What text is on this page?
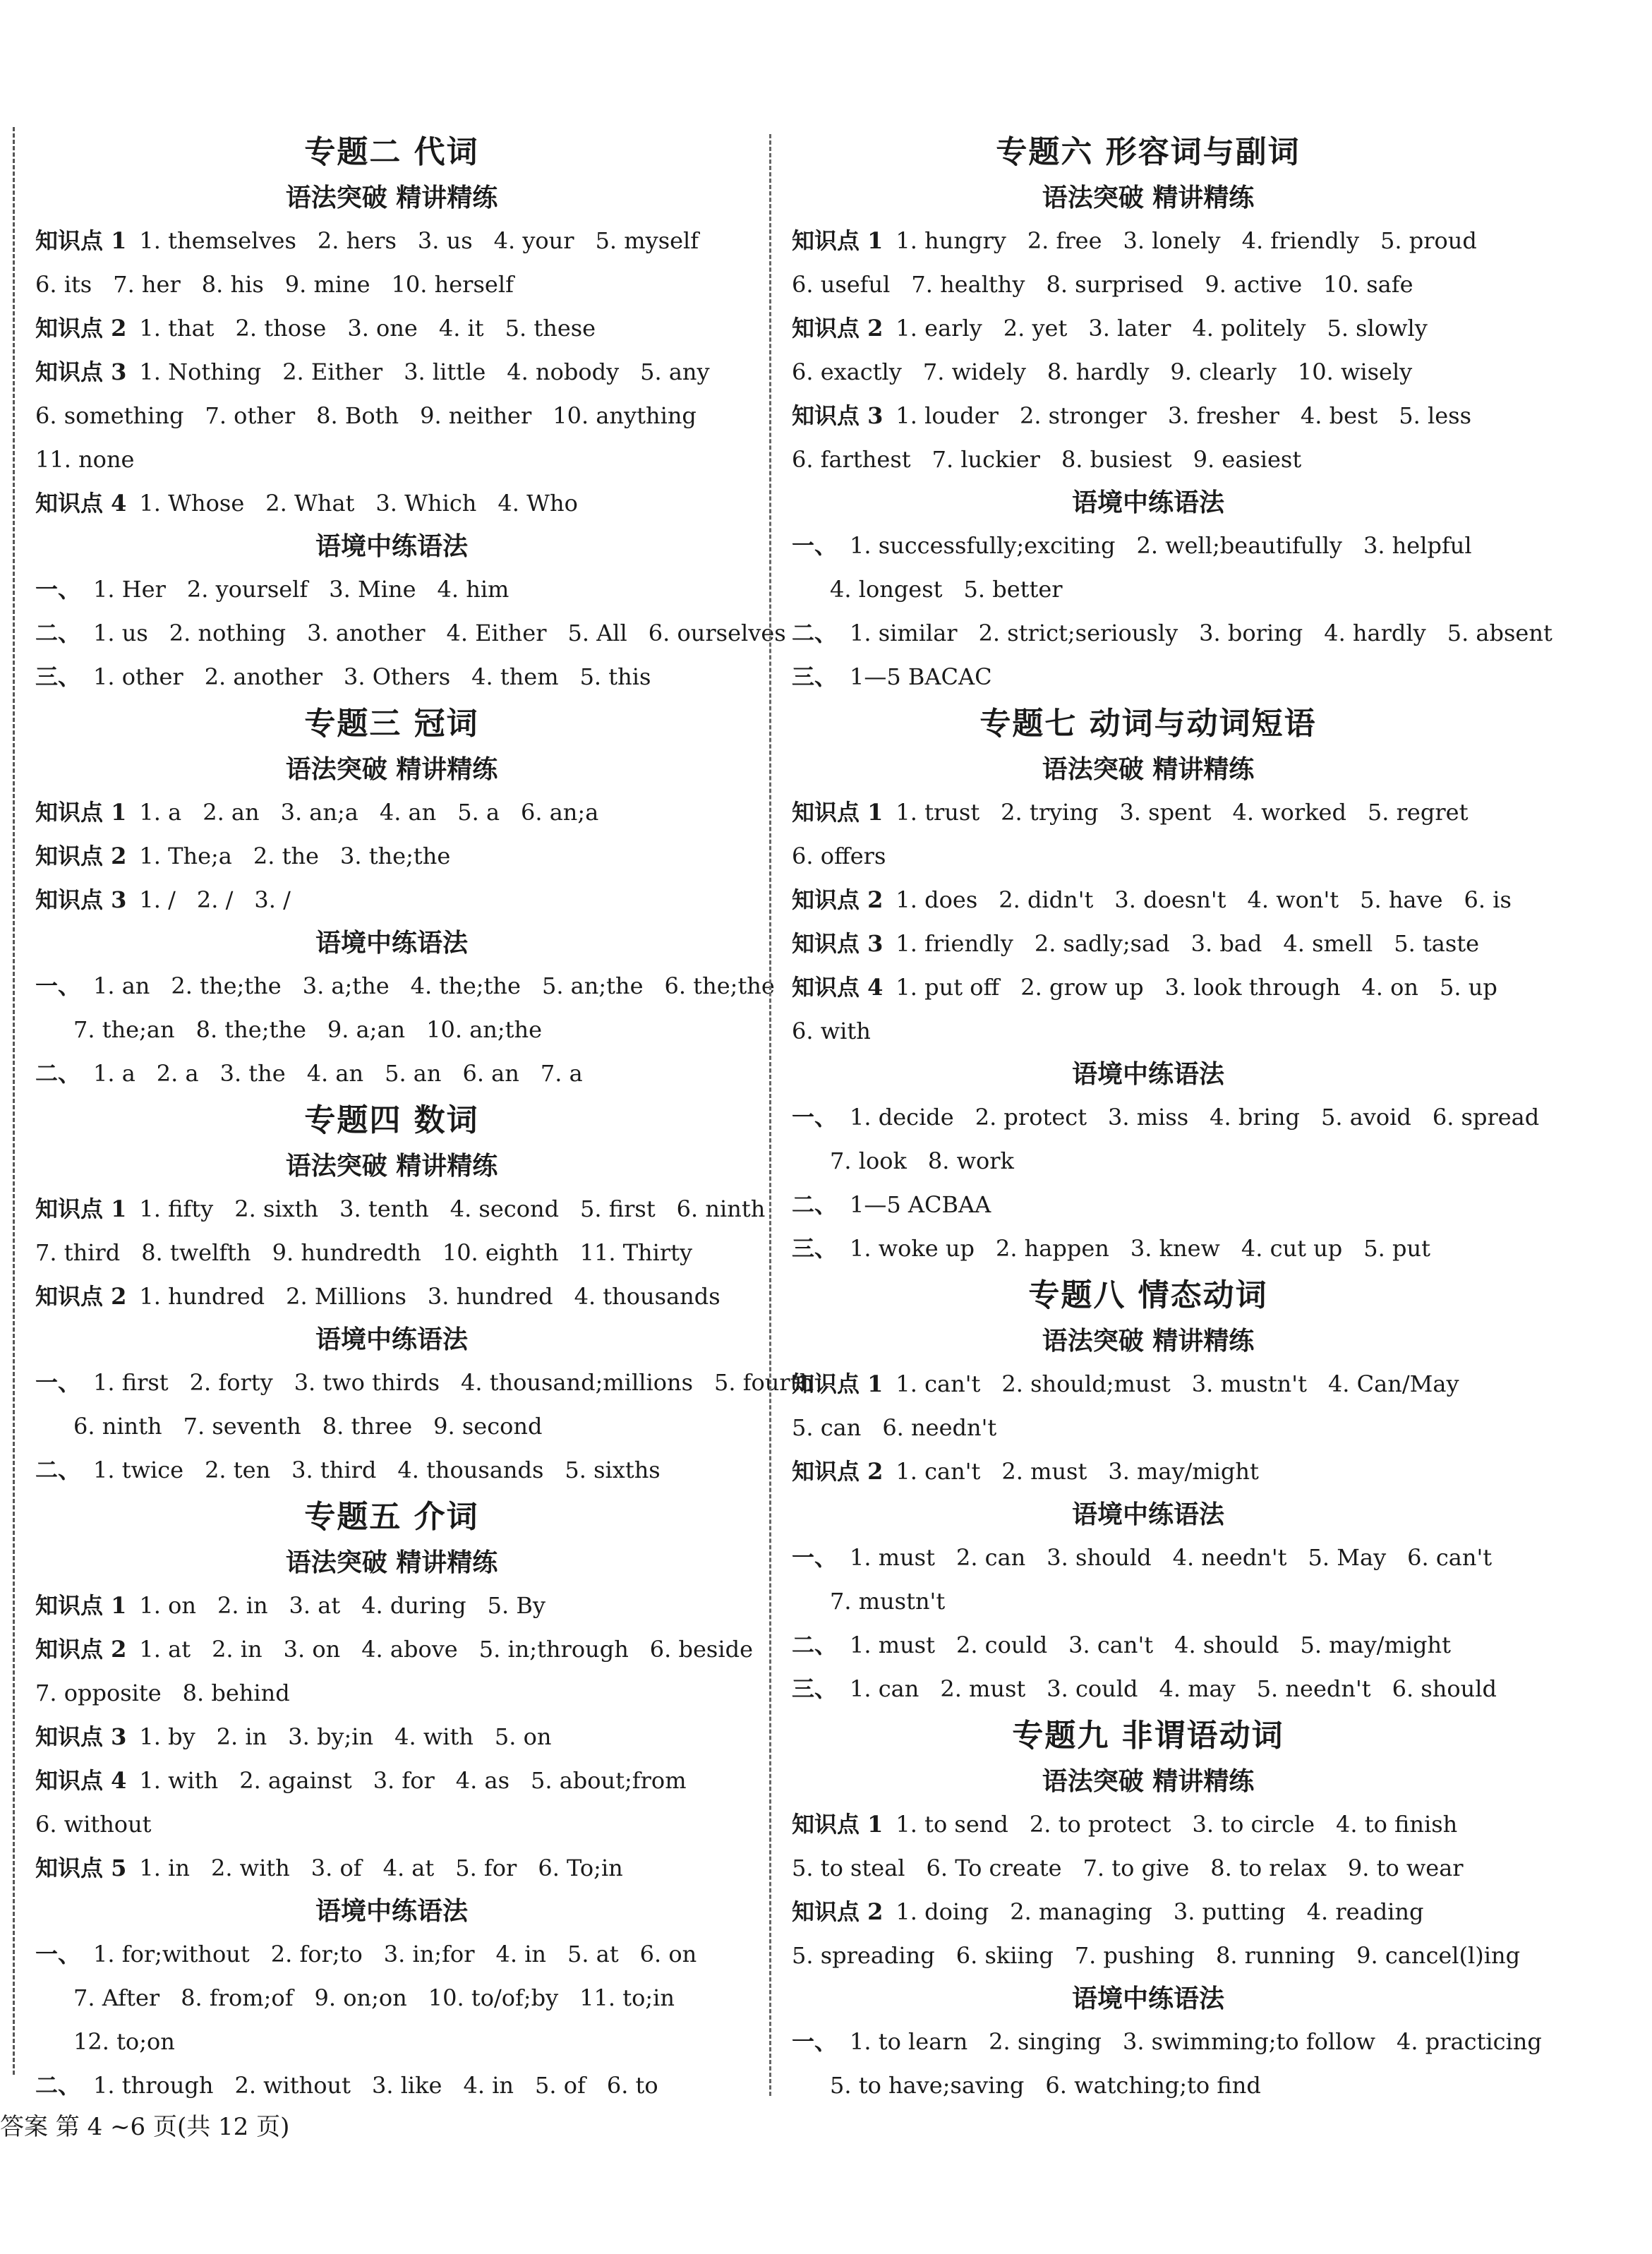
专题二 代词
语法突破 精讲精练
知识点 1 1. themselves 2. hers 3. us 4. your 5. myself
6. its 7. her 8. his 9. mine 10. herself
知识点 2 1. that 2. those 3. one 4. it 5. these
知识点 3 1. Nothing 2. Either 3. little 4. nobody 5. any
6. something 7. other 8. Both 9. neither 10. anything
11. none
知识点 4 1. Whose 2. What 3. Which 4. Who
语境中练语法
一、 1. Her 2. yourself 3. Mine 4. him
二、 1. us 2. nothing 3. another 4. Either 5. All 6. ourselves
三、 1. other 2. another 3. Others 4. them 5. this
专题三 冠词
语法突破 精讲精练
知识点 1 1. a 2. an 3. an;a 4. an 5. a 6. an;a
知识点 2 1. The;a 2. the 3. the;the
知识点 3 1. / 2. / 3. /
语境中练语法
一、 1. an 2. the;the 3. a;the 4. the;the 5. an;the 6. the;the
7. the;an 8. the;the 9. a;an 10. an;the
二、 1. a 2. a 3. the 4. an 5. an 6. an 7. a
专题四 数词
语法突破 精讲精练
知识点 1 1. fifty 2. sixth 3. tenth 4. second 5. first 6. ninth
7. third 8. twelfth 9. hundredth 10. eighth 11. Thirty
知识点 2 1. hundred 2. Millions 3. hundred 4. thousands
语境中练语法
一、 1. first 2. forty 3. two thirds 4. thousand;millions 5. fourth
6. ninth 7. seventh 8. three 9. second
二、 1. twice 2. ten 3. third 4. thousands 5. sixths
专题五 介词
语法突破 精讲精练
知识点 1 1. on 2. in 3. at 4. during 5. By
知识点 2 1. at 2. in 3. on 4. above 5. in;through 6. beside
7. opposite 8. behind
知识点 3 1. by 2. in 3. by;in 4. with 5. on
知识点 4 1. with 2. against 3. for 4. as 5. about;from
6. without
知识点 5 1. in 2. with 3. of 4. at 5. for 6. To;in
语境中练语法
一、 1. for;without 2. for;to 3. in;for 4. in 5. at 6. on
7. After 8. from;of 9. on;on 10. to/of;by 11. to;in
12. to;on
二、 1. through 2. without 3. like 4. in 5. of 6. to
专题六 形容词与副词
语法突破 精讲精练
知识点 1 1. hungry 2. free 3. lonely 4. friendly 5. proud
6. useful 7. healthy 8. surprised 9. active 10. safe
知识点 2 1. early 2. yet 3. later 4. politely 5. slowly
6. exactly 7. widely 8. hardly 9. clearly 10. wisely
知识点 3 1. louder 2. stronger 3. fresher 4. best 5. less
6. farthest 7. luckier 8. busiest 9. easiest
语境中练语法
一、 1. successfully;exciting 2. well;beautifully 3. helpful
4. longest 5. better
二、 1. similar 2. strict;seriously 3. boring 4. hardly 5. absent
三、 1—5 BACAC
专题七 动词与动词短语
语法突破 精讲精练
知识点 1 1. trust 2. trying 3. spent 4. worked 5. regret
6. offers
知识点 2 1. does 2. didn't 3. doesn't 4. won't 5. have 6. is
知识点 3 1. friendly 2. sadly;sad 3. bad 4. smell 5. taste
知识点 4 1. put off 2. grow up 3. look through 4. on 5. up
6. with
语境中练语法
一、 1. decide 2. protect 3. miss 4. bring 5. avoid 6. spread
7. look 8. work
二、 1—5 ACBAA
三、 1. woke up 2. happen 3. knew 4. cut up 5. put
专题八 情态动词
语法突破 精讲精练
知识点 1 1. can't 2. should;must 3. mustn't 4. Can/May
5. can 6. needn't
知识点 2 1. can't 2. must 3. may/might
语境中练语法
一、 1. must 2. can 3. should 4. needn't 5. May 6. can't
7. mustn't
二、 1. must 2. could 3. can't 4. should 5. may/might
三、 1. can 2. must 3. could 4. may 5. needn't 6. should
专题九 非谓语动词
语法突破 精讲精练
知识点 1 1. to send 2. to protect 3. to circle 4. to finish
5. to steal 6. To create 7. to give 8. to relax 9. to wear
知识点 2 1. doing 2. managing 3. putting 4. reading
5. spreading 6. skiing 7. pushing 8. running 9. cancel(l)ing
语境中练语法
一、 1. to learn 2. singing 3. swimming;to follow 4. practicing
5. to have;saving 6. watching;to find
答案 第 4 ~6 页(共 12 页)
